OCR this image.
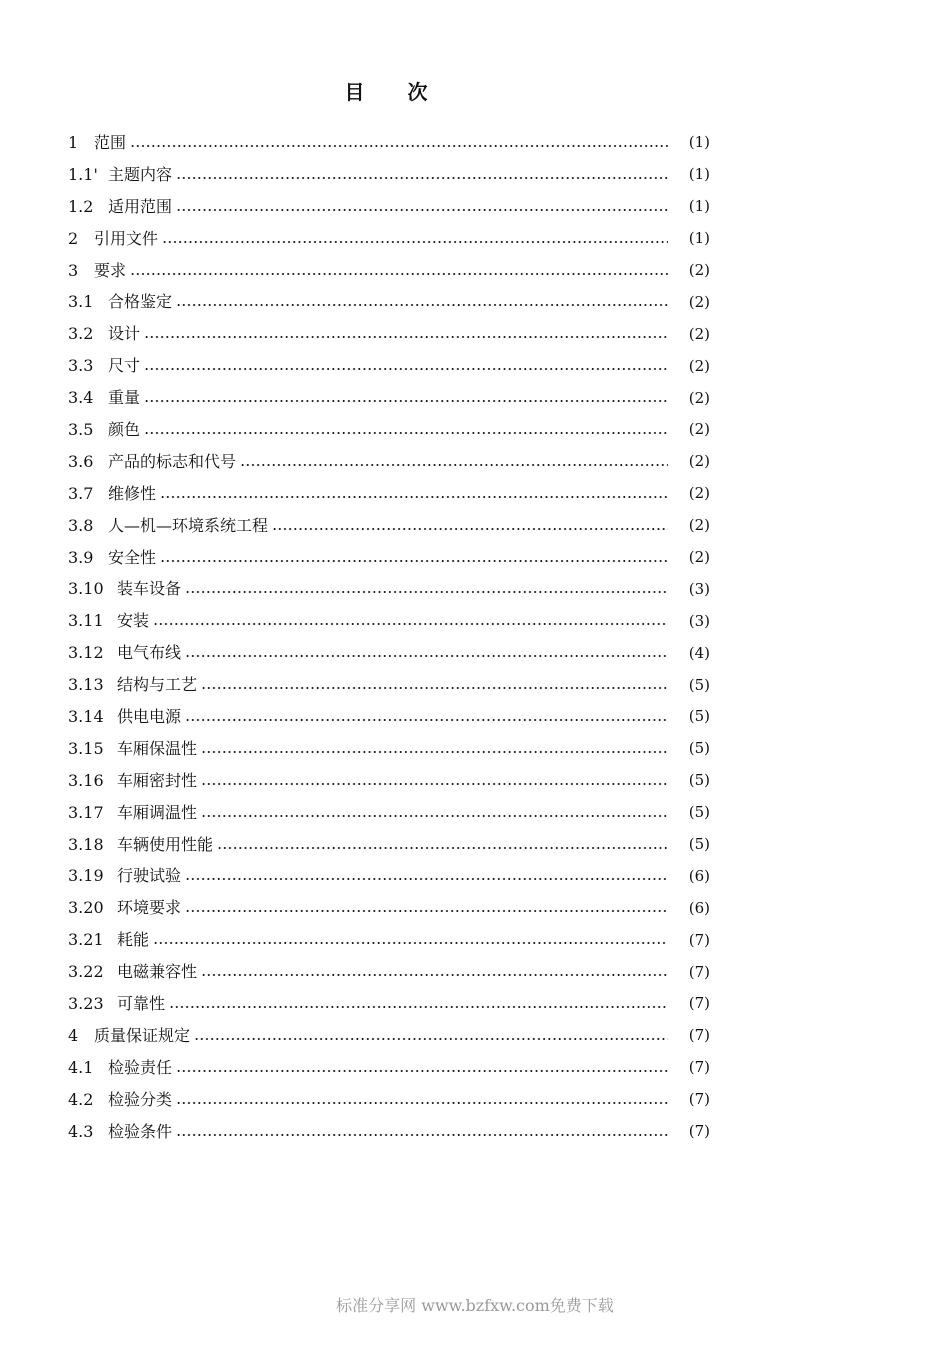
目 次
1 范围	(1)
1.1' 主题内容	(1)
1.2 适用范围	(1)
2 引用文件	(1)
3 要求	(2)
3.1 合格鉴定	(2)
3.2 设计	(2)
3.3 尺寸	(2)
3.4 重量	(2)
3.5 颜色	(2)
3.6 产品的标志和代号	(2)
3.7 维修性	(2)
3.8 人—机—环境系统工程	(2)
3.9 安全性	(2)
3.10 装车设备	(3)
3.11 安装	(3)
3.12 电气布线	(4)
3.13 结构与工艺	(5)
3.14 供电电源	(5)
3.15 车厢保温性	(5)
3.16 车厢密封性	(5)
3.17 车厢调温性	(5)
3.18 车辆使用性能	(5)
3.19 行驶试验	(6)
3.20 环境要求	(6)
3.21 耗能	(7)
3.22 电磁兼容性	(7)
3.23 可靠性	(7)
4 质量保证规定	(7)
4.1 检验责任	(7)
4.2 检验分类	(7)
4.3 检验条件	(7)
标准分享网 www.bzfxw.com免费下载
